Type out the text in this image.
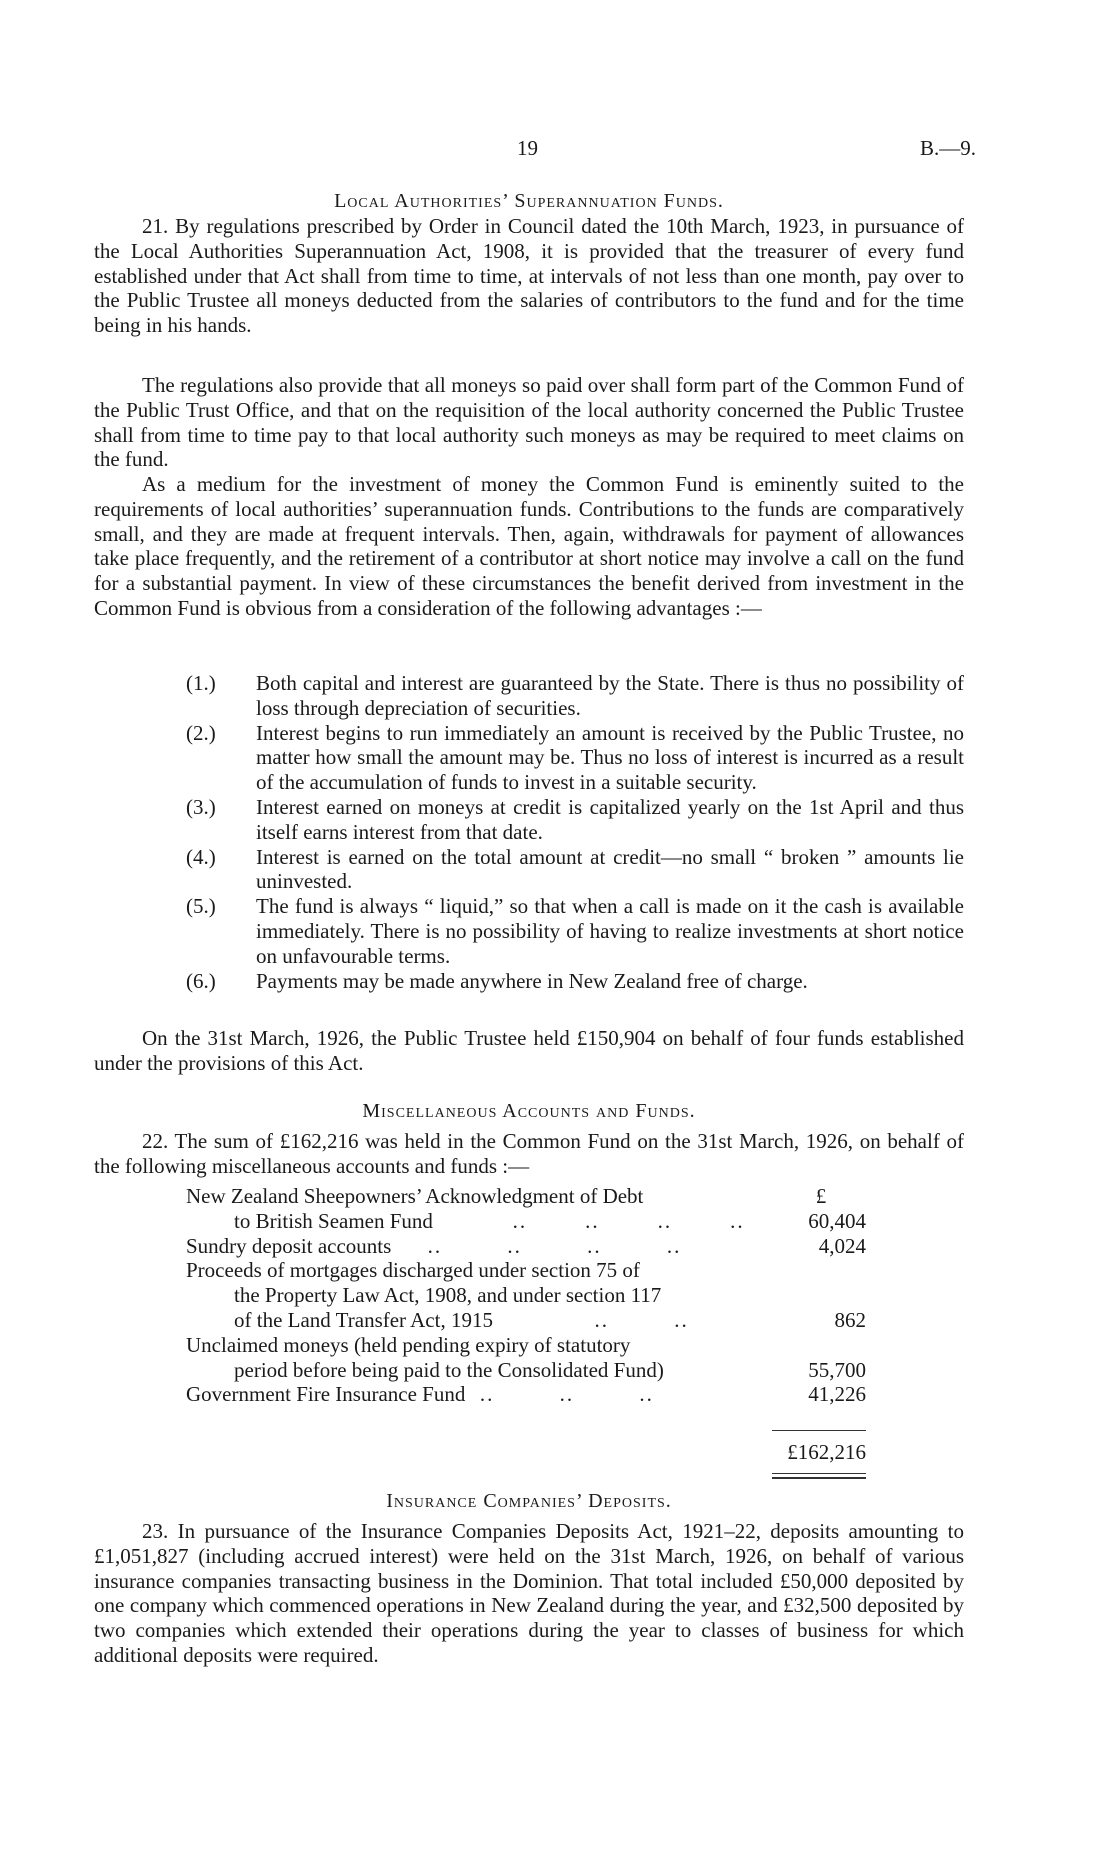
19	B.—9.
Local Authorities’ Superannuation Funds.

21. By regulations prescribed by Order in Council dated the 10th March, 1923, in pursuance of the Local Authorities Superannuation Act, 1908, it is provided that the treasurer of every fund established under that Act shall from time to time, at intervals of not less than one month, pay over to the Public Trustee all moneys deducted from the salaries of contributors to the fund and for the time being in his hands.

The regulations also provide that all moneys so paid over shall form part of the Common Fund of the Public Trust Office, and that on the requisition of the local authority concerned the Public Trustee shall from time to time pay to that local authority such moneys as may be required to meet claims on the fund.

As a medium for the investment of money the Common Fund is eminently suited to the requirements of local authorities’ superannuation funds. Contributions to the funds are comparatively small, and they are made at frequent intervals. Then, again, withdrawals for payment of allowances take place frequently, and the retirement of a contributor at short notice may involve a call on the fund for a substantial payment. In view of these circumstances the benefit derived from investment in the Common Fund is obvious from a consideration of the following advantages :—

(1.) Both capital and interest are guaranteed by the State. There is thus no possibility of loss through depreciation of securities.
(2.) Interest begins to run immediately an amount is received by the Public Trustee, no matter how small the amount may be. Thus no loss of interest is incurred as a result of the accumulation of funds to invest in a suitable security.
(3.) Interest earned on moneys at credit is capitalized yearly on the 1st April and thus itself earns interest from that date.
(4.) Interest is earned on the total amount at credit—no small “ broken ” amounts lie uninvested.
(5.) The fund is always “ liquid,” so that when a call is made on it the cash is available immediately. There is no possibility of having to realize investments at short notice on unfavourable terms.
(6.) Payments may be made anywhere in New Zealand free of charge.

On the 31st March, 1926, the Public Trustee held £150,904 on behalf of four funds established under the provisions of this Act.

Miscellaneous Accounts and Funds.

22. The sum of £162,216 was held in the Common Fund on the 31st March, 1926, on behalf of the following miscellaneous accounts and funds :—

New Zealand Sheepowners’ Acknowledgment of Debt	£
to British Seamen Fund           ..        ..        ..        ..	60,404
Sundry deposit accounts     ..         ..         ..         ..	4,024
Proceeds of mortgages discharged under section 75 of
the Property Law Act, 1908, and under section 117
of the Land Transfer Act, 1915              ..         ..	862
Unclaimed moneys (held pending expiry of statutory
period before being paid to the Consolidated Fund)	55,700
Government Fire Insurance Fund  ..         ..         ..	41,226
£162,216
Insurance Companies’ Deposits.

23. In pursuance of the Insurance Companies Deposits Act, 1921–22, deposits amounting to £1,051,827 (including accrued interest) were held on the 31st March, 1926, on behalf of various insurance companies transacting business in the Dominion. That total included £50,000 deposited by one company which commenced operations in New Zealand during the year, and £32,500 deposited by two companies which extended their operations during the year to classes of business for which additional deposits were required.
